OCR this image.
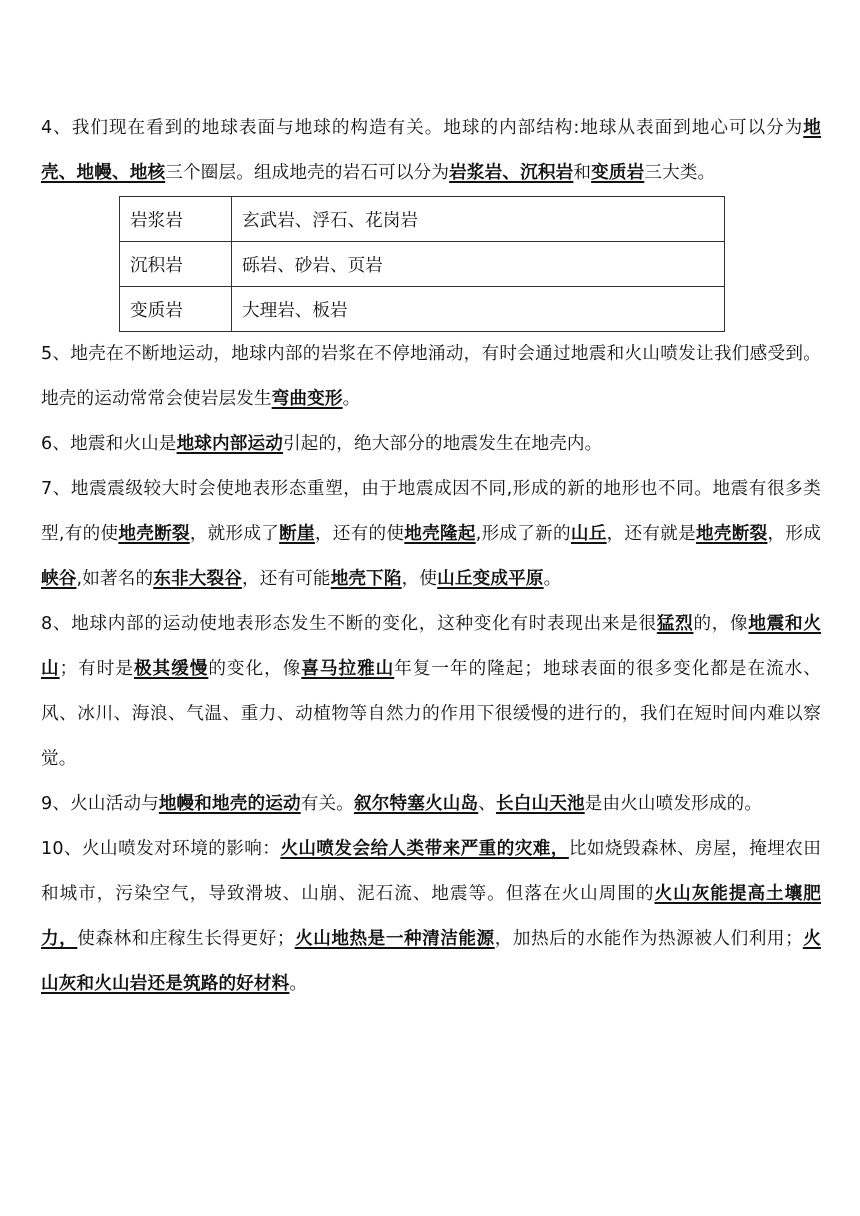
4、我们现在看到的地球表面与地球的构造有关。地球的内部结构:地球从表面到地心可以分为地壳、地幔、地核三个圈层。组成地壳的岩石可以分为岩浆岩、沉积岩和变质岩三大类。

岩浆岩	玄武岩、浮石、花岗岩
沉积岩	砾岩、砂岩、页岩
变质岩	大理岩、板岩

5、地壳在不断地运动，地球内部的岩浆在不停地涌动，有时会通过地震和火山喷发让我们感受到。地壳的运动常常会使岩层发生弯曲变形。

6、地震和火山是地球内部运动引起的，绝大部分的地震发生在地壳内。

7、地震震级较大时会使地表形态重塑，由于地震成因不同,形成的新的地形也不同。地震有很多类型,有的使地壳断裂，就形成了断崖，还有的使地壳隆起,形成了新的山丘，还有就是地壳断裂，形成峡谷,如著名的东非大裂谷，还有可能地壳下陷，使山丘变成平原。

8、地球内部的运动使地表形态发生不断的变化，这种变化有时表现出来是很猛烈的，像地震和火山；有时是极其缓慢的变化，像喜马拉雅山年复一年的隆起；地球表面的很多变化都是在流水、风、冰川、海浪、气温、重力、动植物等自然力的作用下很缓慢的进行的，我们在短时间内难以察觉。

9、火山活动与地幔和地壳的运动有关。叙尔特塞火山岛、长白山天池是由火山喷发形成的。

10、火山喷发对环境的影响：火山喷发会给人类带来严重的灾难，比如烧毁森林、房屋，掩埋农田和城市，污染空气，导致滑坡、山崩、泥石流、地震等。但落在火山周围的火山灰能提高土壤肥力，使森林和庄稼生长得更好；火山地热是一种清洁能源，加热后的水能作为热源被人们利用；火山灰和火山岩还是筑路的好材料。
